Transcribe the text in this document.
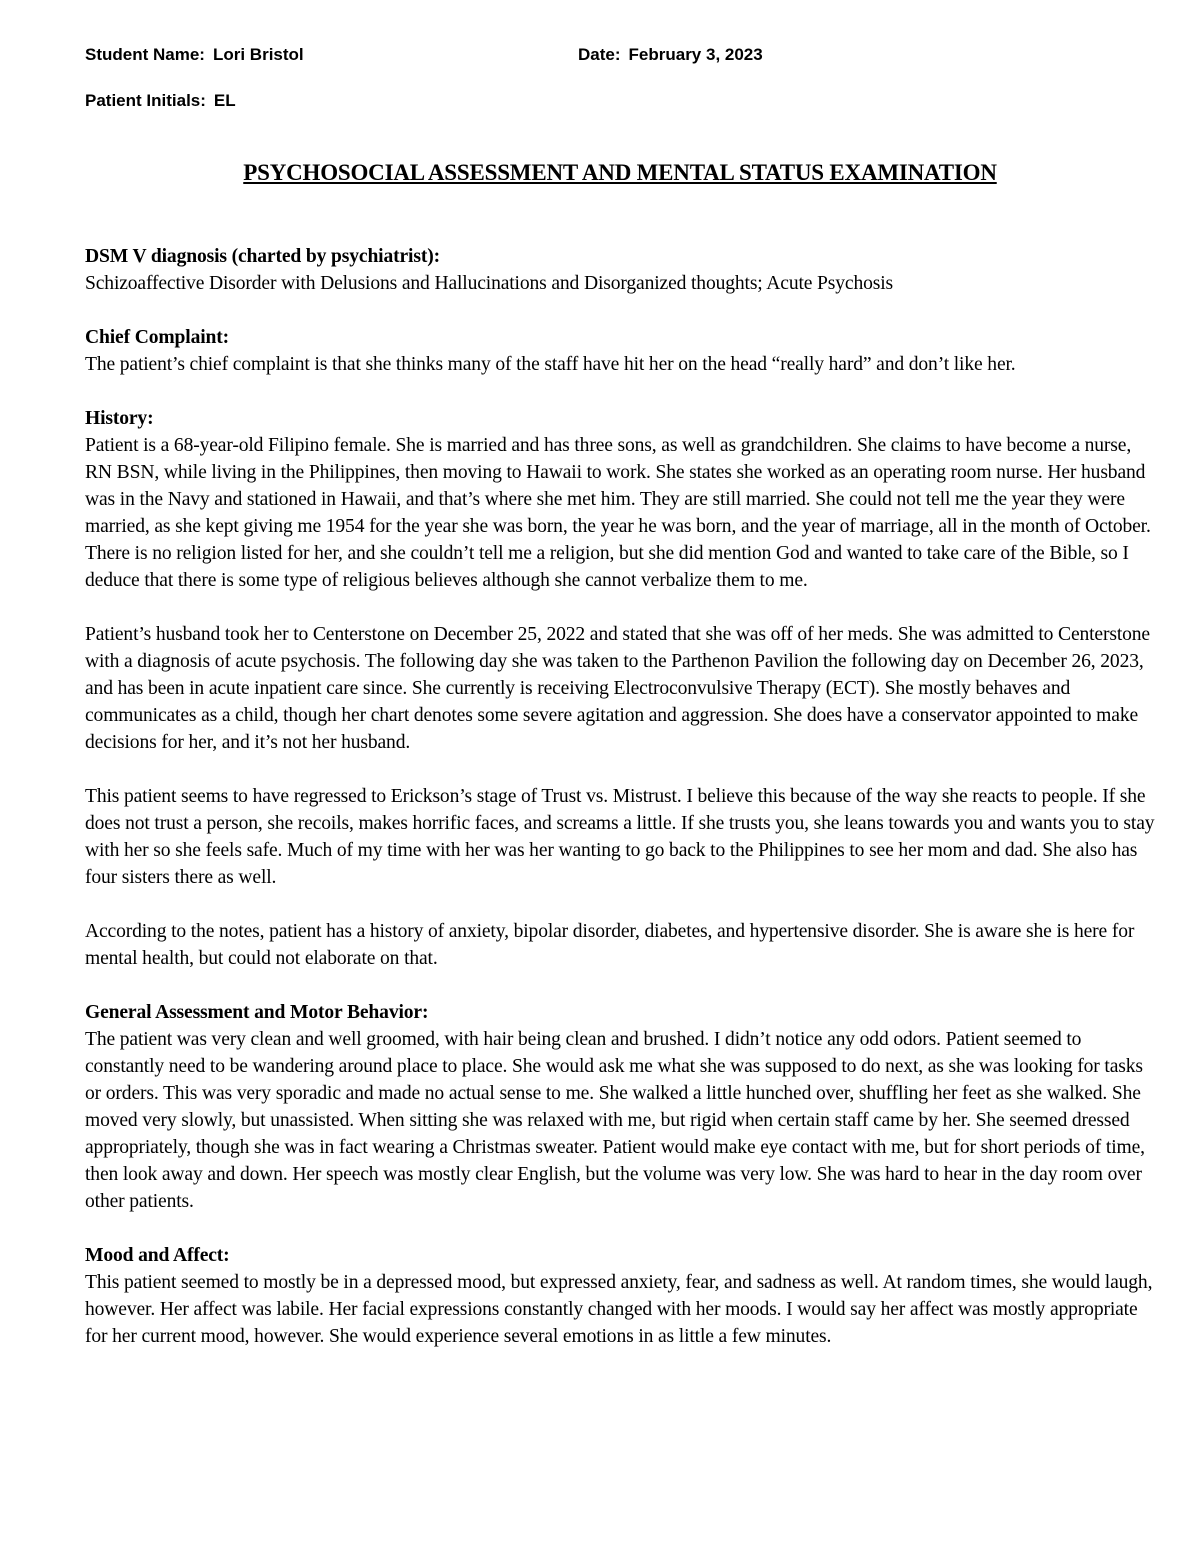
Student Name: Lori Bristol	Date: February 3, 2023
Patient Initials: EL
PSYCHOSOCIAL ASSESSMENT AND MENTAL STATUS EXAMINATION
DSM V diagnosis (charted by psychiatrist):

Schizoaffective Disorder with Delusions and Hallucinations and Disorganized thoughts; Acute Psychosis

Chief Complaint:

The patient’s chief complaint is that she thinks many of the staff have hit her on the head “really hard” and don’t like her.

History:

Patient is a 68-year-old Filipino female. She is married and has three sons, as well as grandchildren. She claims to have become a nurse, RN BSN, while living in the Philippines, then moving to Hawaii to work. She states she worked as an operating room nurse. Her husband was in the Navy and stationed in Hawaii, and that’s where she met him. They are still married. She could not tell me the year they were married, as she kept giving me 1954 for the year she was born, the year he was born, and the year of marriage, all in the month of October. There is no religion listed for her, and she couldn’t tell me a religion, but she did mention God and wanted to take care of the Bible, so I deduce that there is some type of religious believes although she cannot verbalize them to me.

Patient’s husband took her to Centerstone on December 25, 2022 and stated that she was off of her meds. She was admitted to Centerstone with a diagnosis of acute psychosis. The following day she was taken to the Parthenon Pavilion the following day on December 26, 2023, and has been in acute inpatient care since. She currently is receiving Electroconvulsive Therapy (ECT). She mostly behaves and communicates as a child, though her chart denotes some severe agitation and aggression. She does have a conservator appointed to make decisions for her, and it’s not her husband.

This patient seems to have regressed to Erickson’s stage of Trust vs. Mistrust. I believe this because of the way she reacts to people. If she does not trust a person, she recoils, makes horrific faces, and screams a little. If she trusts you, she leans towards you and wants you to stay with her so she feels safe. Much of my time with her was her wanting to go back to the Philippines to see her mom and dad. She also has four sisters there as well.

According to the notes, patient has a history of anxiety, bipolar disorder, diabetes, and hypertensive disorder. She is aware she is here for mental health, but could not elaborate on that.

General Assessment and Motor Behavior:

The patient was very clean and well groomed, with hair being clean and brushed. I didn’t notice any odd odors. Patient seemed to constantly need to be wandering around place to place. She would ask me what she was supposed to do next, as she was looking for tasks or orders. This was very sporadic and made no actual sense to me. She walked a little hunched over, shuffling her feet as she walked. She moved very slowly, but unassisted. When sitting she was relaxed with me, but rigid when certain staff came by her. She seemed dressed appropriately, though she was in fact wearing a Christmas sweater. Patient would make eye contact with me, but for short periods of time, then look away and down. Her speech was mostly clear English, but the volume was very low. She was hard to hear in the day room over other patients.

Mood and Affect:

This patient seemed to mostly be in a depressed mood, but expressed anxiety, fear, and sadness as well. At random times, she would laugh, however. Her affect was labile. Her facial expressions constantly changed with her moods. I would say her affect was mostly appropriate for her current mood, however. She would experience several emotions in as little a few minutes.
